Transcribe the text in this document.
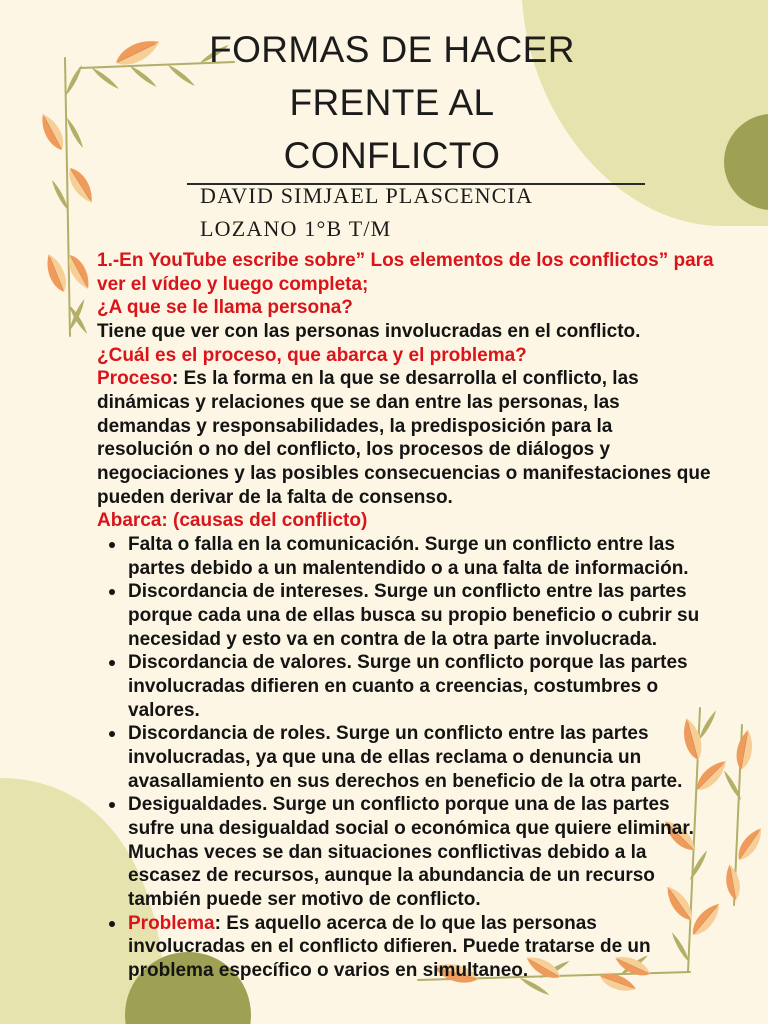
FORMAS DE HACER
FRENTE AL
CONFLICTO
DAVID SIMJAEL PLASCENCIA
LOZANO 1°B T/M

1.-En YouTube escribe sobre” Los elementos de los conflictos” para
ver el vídeo y luego completa;

¿A que se le llama persona?

Tiene que ver con las personas involucradas en el conflicto.

¿Cuál es el proceso, que abarca y el problema?

Proceso: Es la forma en la que se desarrolla el conflicto, las
dinámicas y relaciones que se dan entre las personas, las
demandas y responsabilidades, la predisposición para la
resolución o no del conflicto, los procesos de diálogos y
negociaciones y las posibles consecuencias o manifestaciones que
pueden derivar de la falta de consenso.

Abarca: (causas del conflicto)

Falta o falla en la comunicación. Surge un conflicto entre las
partes debido a un malentendido o a una falta de información.
Discordancia de intereses. Surge un conflicto entre las partes
porque cada una de ellas busca su propio beneficio o cubrir su
necesidad y esto va en contra de la otra parte involucrada.
Discordancia de valores. Surge un conflicto porque las partes
involucradas difieren en cuanto a creencias, costumbres o
valores.
Discordancia de roles. Surge un conflicto entre las partes
involucradas, ya que una de ellas reclama o denuncia un
avasallamiento en sus derechos en beneficio de la otra parte.
Desigualdades. Surge un conflicto porque una de las partes
sufre una desigualdad social o económica que quiere eliminar.
Muchas veces se dan situaciones conflictivas debido a la
escasez de recursos, aunque la abundancia de un recurso
también puede ser motivo de conflicto.
Problema: Es aquello acerca de lo que las personas
involucradas en el conflicto difieren. Puede tratarse de un
problema específico o varios en simultaneo.
